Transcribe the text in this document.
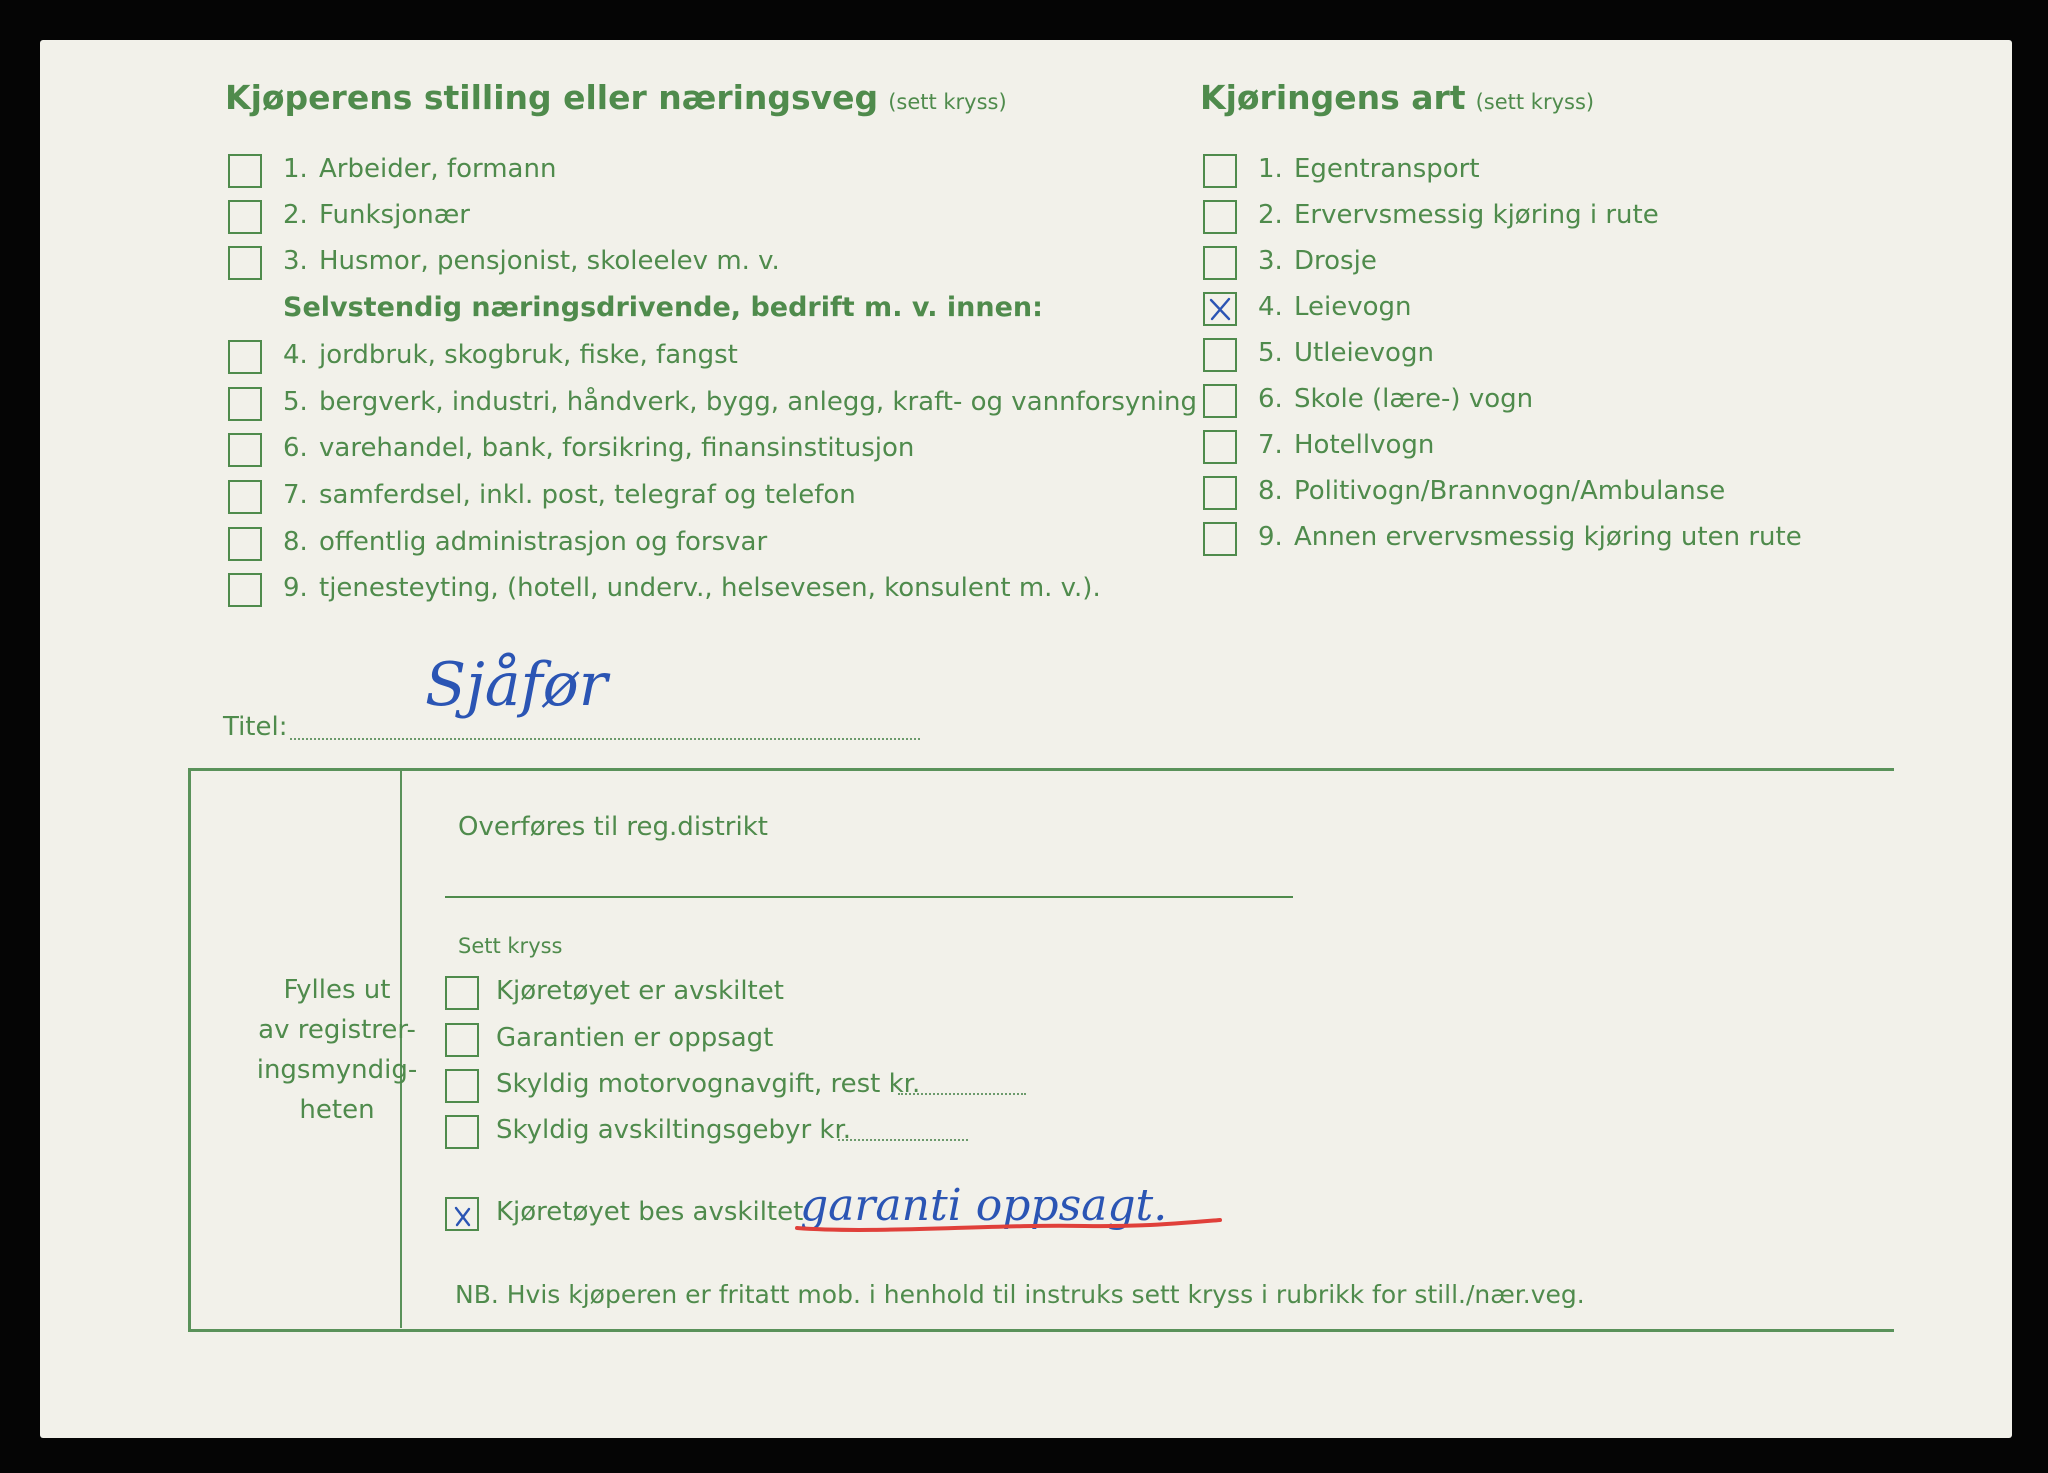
Kjøperens stilling eller næringsveg (sett kryss)
1. Arbeider, formann
2. Funksjonær
3. Husmor, pensjonist, skoleelev m. v.
Selvstendig næringsdrivende, bedrift m. v. innen:
4. jordbruk, skogbruk, fiske, fangst
5. bergverk, industri, håndverk, bygg, anlegg, kraft- og vannforsyning
6. varehandel, bank, forsikring, finansinstitusjon
7. samferdsel, inkl. post, telegraf og telefon
8. offentlig administrasjon og forsvar
9. tjenesteyting, (hotell, underv., helsevesen, konsulent m. v.).
Kjøringens art (sett kryss)
1. Egentransport
2. Ervervsmessig kjøring i rute
3. Drosje
4. Leievogn
5. Utleievogn
6. Skole (lære-) vogn
7. Hotellvogn
8. Politivogn/Brannvogn/Ambulanse
9. Annen ervervsmessig kjøring uten rute
Titel:
Sjåfør
Fylles ut
av registrer-
ingsmyndig-
heten
Overføres til reg.distrikt
Sett kryss
Kjøretøyet er avskiltet
Garantien er oppsagt
Skyldig motorvognavgift, rest kr.
Skyldig avskiltingsgebyr kr.
Kjøretøyet bes avskiltet
garanti oppsagt.
NB. Hvis kjøperen er fritatt mob. i henhold til instruks sett kryss i rubrikk for still./nær.veg.
